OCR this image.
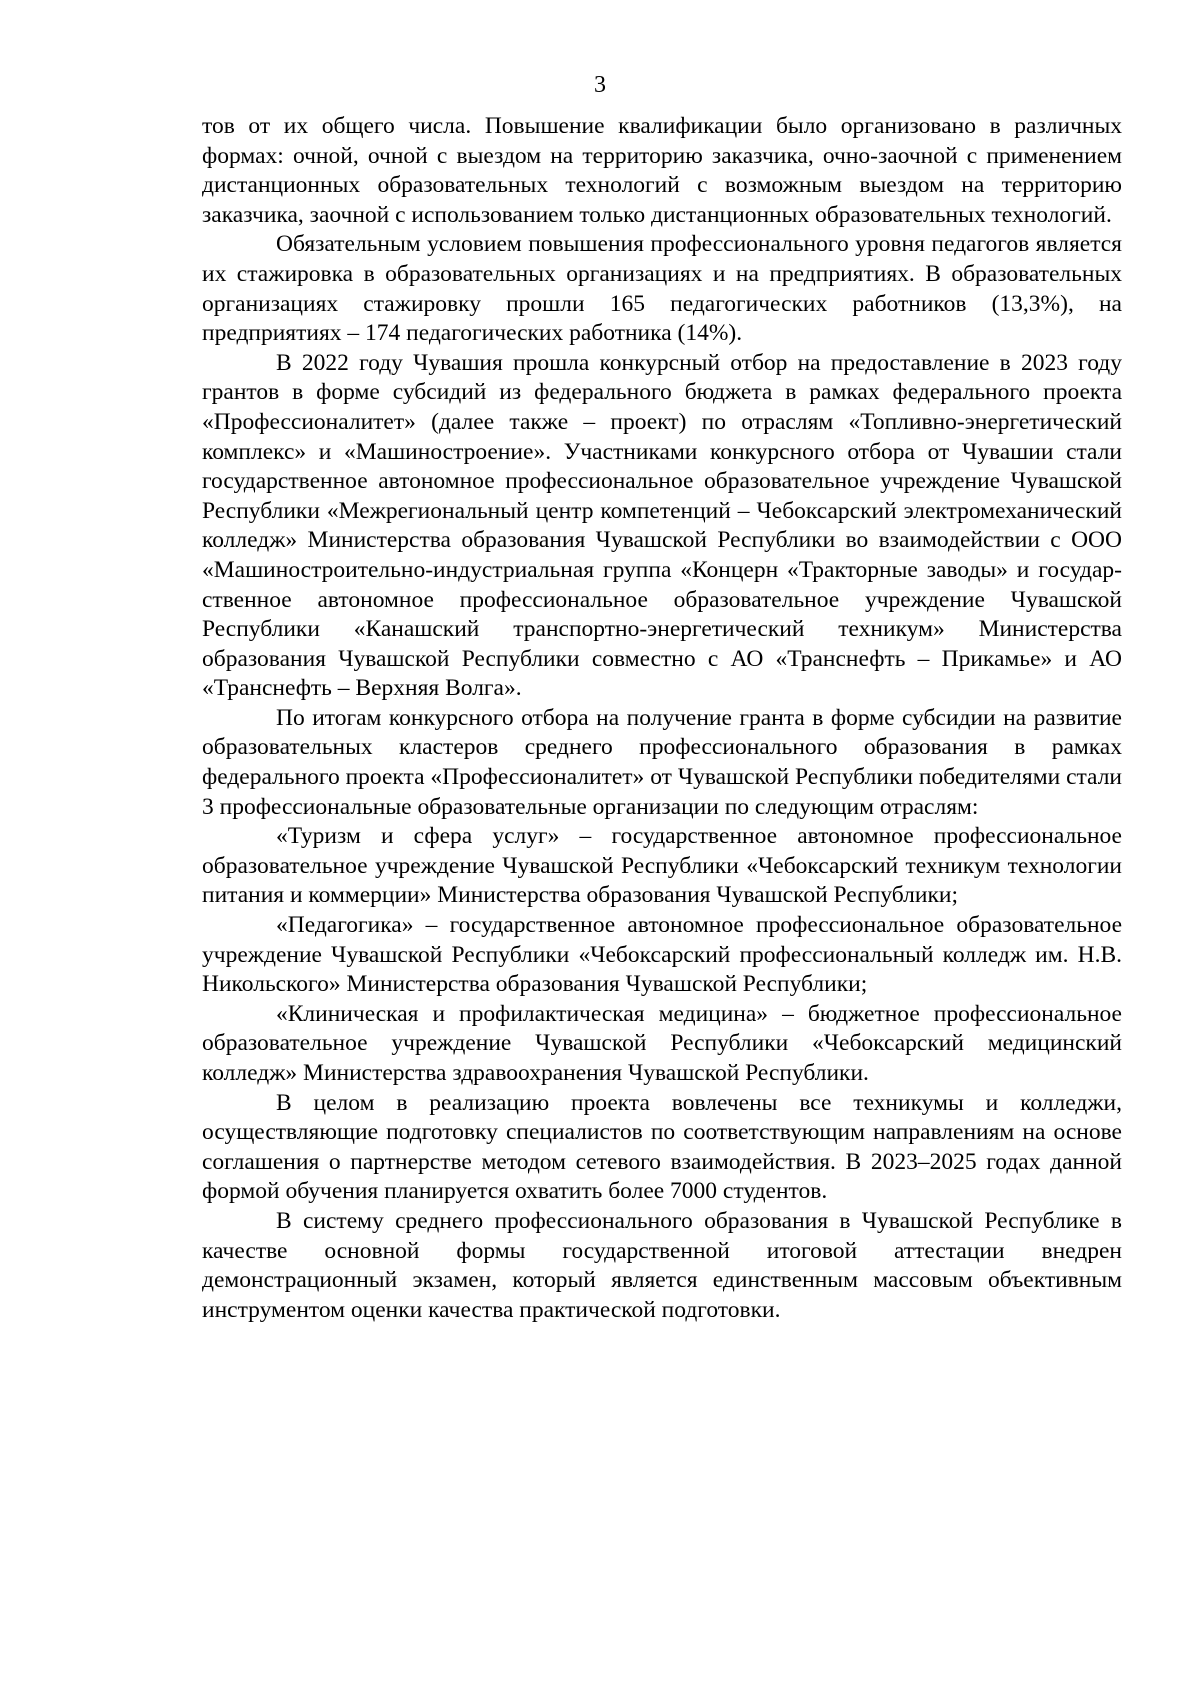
3

тов от их общего числа. Повышение квалификации было организовано в различных формах: очной, очной с выездом на территорию заказчика, очно-заочной с применением дистанционных образовательных технологий с возможным выездом на территорию заказчика, заочной с использованием только дистанционных образовательных технологий.

Обязательным условием повышения профессионального уровня педагогов является их стажировка в образовательных организациях и на предприятиях. В образовательных организациях стажировку прошли 165 педагогических работников (13,3%), на предприятиях – 174 педагогических работника (14%).

В 2022 году Чувашия прошла конкурсный отбор на предоставление в 2023 году грантов в форме субсидий из федерального бюджета в рамках федерального проекта «Профессионалитет» (далее также – проект) по отраслям «Топливно-энергетический комплекс» и «Машиностроение». Участниками конкурсного отбора от Чувашии стали государственное автономное профессиональное образовательное учреждение Чувашской Республики «Межрегиональный центр компетенций – Чебоксарский электромеханический колледж» Министерства образования Чувашской Республики во взаимодействии с ООО «Машиностроительно-индустриальная группа «Концерн «Тракторные заводы» и государственное автономное профессиональное образовательное учреждение Чувашской Республики «Канашский транспортно-энергетический техникум» Министерства образования Чувашской Республики совместно с АО «Транснефть – Прикамье» и АО «Транснефть – Верхняя Волга».

По итогам конкурсного отбора на получение гранта в форме субсидии на развитие образовательных кластеров среднего профессионального образования в рамках федерального проекта «Профессионалитет» от Чувашской Республики победителями стали 3 профессиональные образовательные организации по следующим отраслям:

«Туризм и сфера услуг» – государственное автономное профессиональное образовательное учреждение Чувашской Республики «Чебоксарский техникум технологии питания и коммерции» Министерства образования Чувашской Республики;

«Педагогика» – государственное автономное профессиональное образовательное учреждение Чувашской Республики «Чебоксарский профессиональный колледж им. Н.В. Никольского» Министерства образования Чувашской Республики;

«Клиническая и профилактическая медицина» – бюджетное профессиональное образовательное учреждение Чувашской Республики «Чебоксарский медицинский колледж» Министерства здравоохранения Чувашской Республики.

В целом в реализацию проекта вовлечены все техникумы и колледжи, осуществляющие подготовку специалистов по соответствующим направлениям на основе соглашения о партнерстве методом сетевого взаимодействия. В 2023–2025 годах данной формой обучения планируется охватить более 7000 студентов.

В систему среднего профессионального образования в Чувашской Республике в качестве основной формы государственной итоговой аттестации внедрен демонстрационный экзамен, который является единственным массовым объективным инструментом оценки качества практической подготовки.
